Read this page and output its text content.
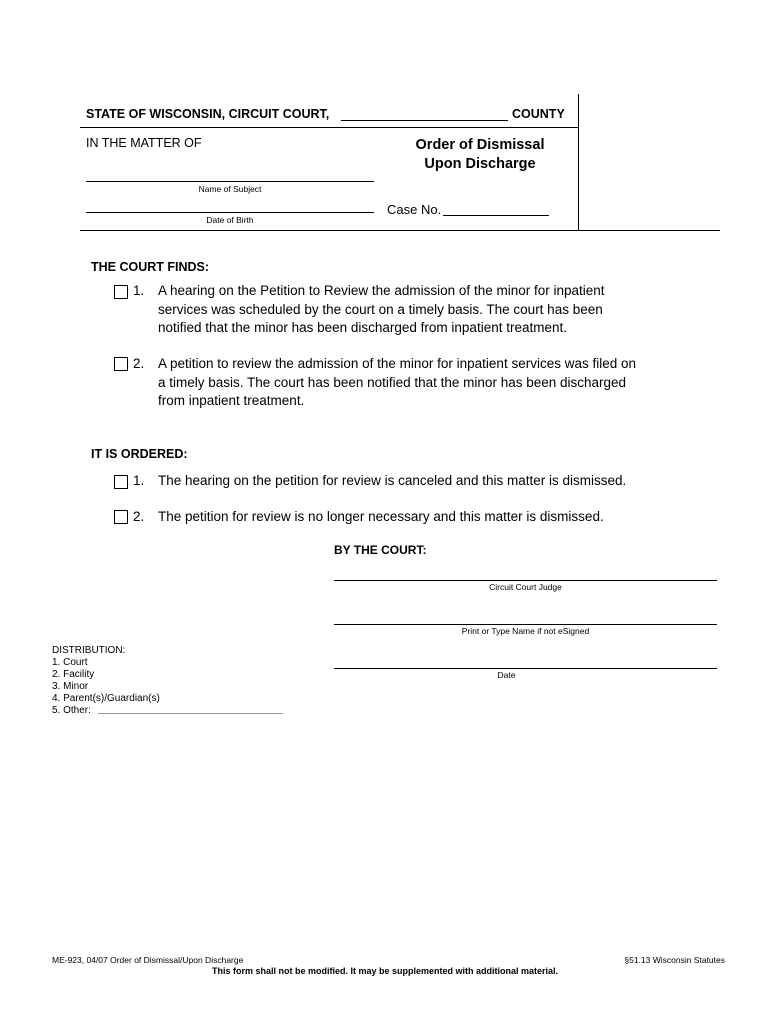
STATE OF WISCONSIN, CIRCUIT COURT,	COUNTY
IN THE MATTER OF	Order of Dismissal
Upon Discharge
Name of Subject
Date of Birth
Case No.
THE COURT FINDS:
1. A hearing on the Petition to Review the admission of the minor for inpatient
services was scheduled by the court on a timely basis. The court has been
notified that the minor has been discharged from inpatient treatment.
2. A petition to review the admission of the minor for inpatient services was filed on
a timely basis. The court has been notified that the minor has been discharged
from inpatient treatment.
IT IS ORDERED:
1. The hearing on the petition for review is canceled and this matter is dismissed.
2. The petition for review is no longer necessary and this matter is dismissed.
BY THE COURT:
Circuit Court Judge
Print or Type Name if not eSigned
Date
DISTRIBUTION:
1. Court
2. Facility
3. Minor
4. Parent(s)/Guardian(s)
5. Other:
ME-923, 04/07 Order of Dismissal/Upon Discharge	§51.13 Wisconsin Statutes
This form shall not be modified. It may be supplemented with additional material.
